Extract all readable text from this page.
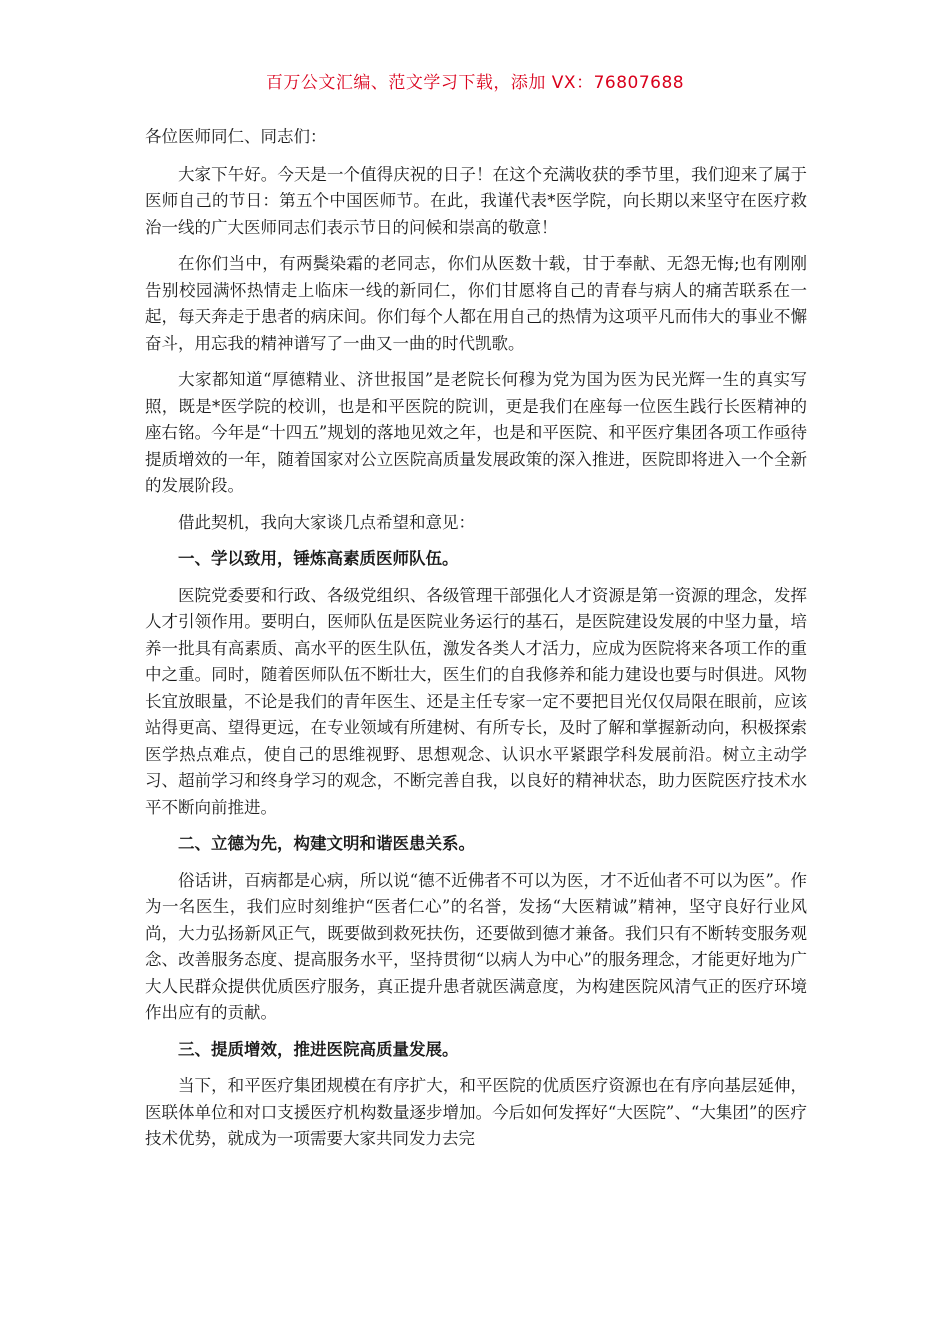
百万公文汇编、范文学习下载，添加 VX：76807688

各位医师同仁、同志们：

大家下午好。今天是一个值得庆祝的日子！在这个充满收获的季节里，我们迎来了属于医师自己的节日：第五个中国医师节。在此，我谨代表*医学院，向长期以来坚守在医疗救治一线的广大医师同志们表示节日的问候和崇高的敬意！

在你们当中，有两鬓染霜的老同志，你们从医数十载，甘于奉献、无怨无悔;也有刚刚告别校园满怀热情走上临床一线的新同仁，你们甘愿将自己的青春与病人的痛苦联系在一起，每天奔走于患者的病床间。你们每个人都在用自己的热情为这项平凡而伟大的事业不懈奋斗，用忘我的精神谱写了一曲又一曲的时代凯歌。

大家都知道“厚德精业、济世报国”是老院长何穆为党为国为医为民光辉一生的真实写照，既是*医学院的校训，也是和平医院的院训，更是我们在座每一位医生践行长医精神的座右铭。今年是“十四五”规划的落地见效之年，也是和平医院、和平医疗集团各项工作亟待提质增效的一年，随着国家对公立医院高质量发展政策的深入推进，医院即将进入一个全新的发展阶段。

借此契机，我向大家谈几点希望和意见：

一、学以致用，锤炼高素质医师队伍。

医院党委要和行政、各级党组织、各级管理干部强化人才资源是第一资源的理念，发挥人才引领作用。要明白，医师队伍是医院业务运行的基石，是医院建设发展的中坚力量，培养一批具有高素质、高水平的医生队伍，激发各类人才活力，应成为医院将来各项工作的重中之重。同时，随着医师队伍不断壮大，医生们的自我修养和能力建设也要与时俱进。风物长宜放眼量，不论是我们的青年医生、还是主任专家一定不要把目光仅仅局限在眼前，应该站得更高、望得更远，在专业领域有所建树、有所专长，及时了解和掌握新动向，积极探索医学热点难点，使自己的思维视野、思想观念、认识水平紧跟学科发展前沿。树立主动学习、超前学习和终身学习的观念，不断完善自我，以良好的精神状态，助力医院医疗技术水平不断向前推进。

二、立德为先，构建文明和谐医患关系。

俗话讲，百病都是心病，所以说“德不近佛者不可以为医，才不近仙者不可以为医”。作为一名医生，我们应时刻维护“医者仁心”的名誉，发扬“大医精诚”精神，坚守良好行业风尚，大力弘扬新风正气，既要做到救死扶伤，还要做到德才兼备。我们只有不断转变服务观念、改善服务态度、提高服务水平，坚持贯彻“以病人为中心”的服务理念，才能更好地为广大人民群众提供优质医疗服务，真正提升患者就医满意度，为构建医院风清气正的医疗环境作出应有的贡献。

三、提质增效，推进医院高质量发展。

当下，和平医疗集团规模在有序扩大，和平医院的优质医疗资源也在有序向基层延伸，医联体单位和对口支援医疗机构数量逐步增加。今后如何发挥好“大医院”、“大集团”的医疗技术优势，就成为一项需要大家共同发力去完
